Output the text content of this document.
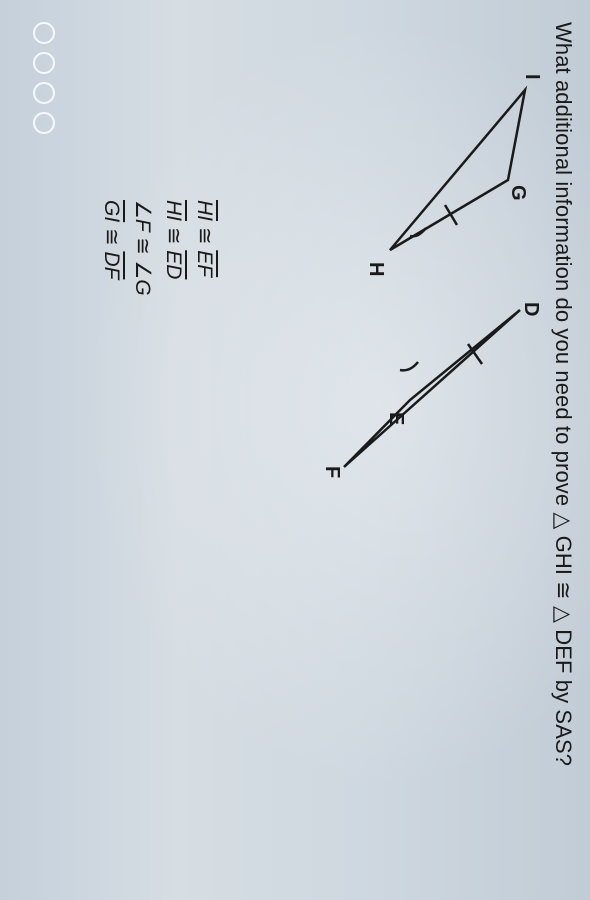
What additional information do you need to prove △ GHI ≅ △ DEF by SAS?
I
G
H
D
E
F
$\overline{HI}$ ≅ $\overline{EF}$
$\overline{HI}$ ≅ $\overline{ED}$
∠F ≅ ∠G
$\overline{GI}$ ≅ $\overline{DF}$
